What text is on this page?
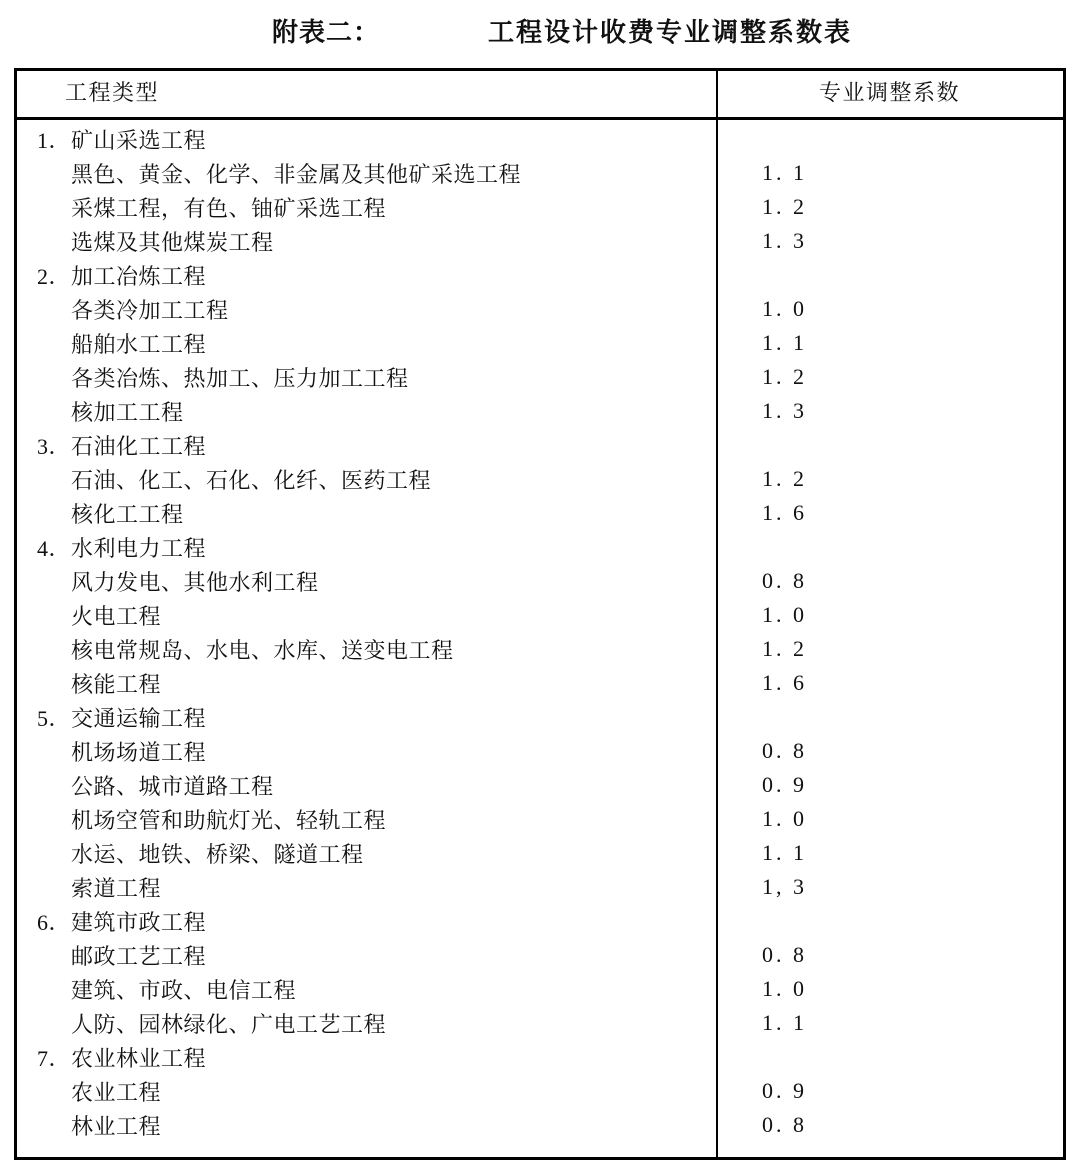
附表二：	工程设计收费专业调整系数表
工程类型	专业调整系数
1．矿山采选工程
黑色、黄金、化学、非金属及其他矿采选工程	1. 1
采煤工程，有色、铀矿采选工程	1. 2
选煤及其他煤炭工程	1. 3
2．加工冶炼工程
各类冷加工工程	1. 0
船舶水工工程	1. 1
各类冶炼、热加工、压力加工工程	1. 2
核加工工程	1. 3
3．石油化工工程
石油、化工、石化、化纤、医药工程	1. 2
核化工工程	1. 6
4．水利电力工程
风力发电、其他水利工程	0. 8
火电工程	1. 0
核电常规岛、水电、水库、送变电工程	1. 2
核能工程	1. 6
5．交通运输工程
机场场道工程	0. 8
公路、城市道路工程	0. 9
机场空管和助航灯光、轻轨工程	1. 0
水运、地铁、桥梁、隧道工程	1. 1
索道工程	1, 3
6．建筑市政工程
邮政工艺工程	0. 8
建筑、市政、电信工程	1. 0
人防、园林绿化、广电工艺工程	1. 1
7．农业林业工程
农业工程	0. 9
林业工程	0. 8
